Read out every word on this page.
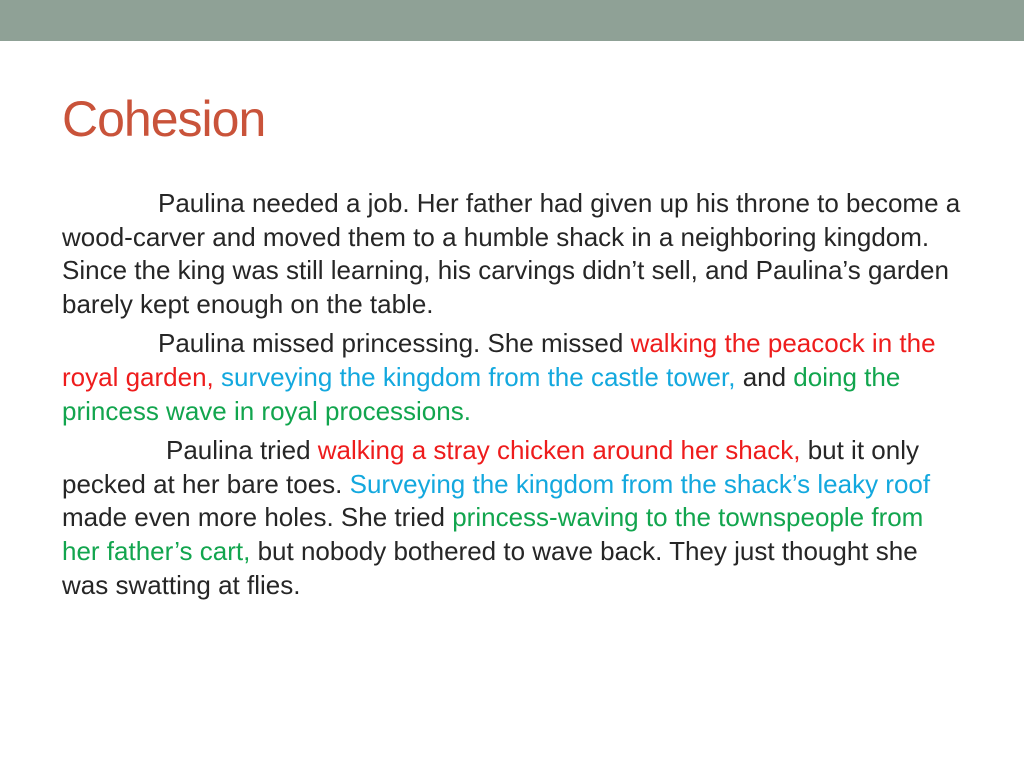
Cohesion

Paulina needed a job. Her father had given up his throne to become a wood-carver and moved them to a humble shack in a neighboring kingdom. Since the king was still learning, his carvings didn’t sell, and Paulina’s garden barely kept enough on the table.

Paulina missed princessing. She missed walking the peacock in the royal garden, surveying the kingdom from the castle tower, and doing the princess wave in royal processions.

Paulina tried walking a stray chicken around her shack, but it only pecked at her bare toes. Surveying the kingdom from the shack’s leaky roof made even more holes. She tried princess-waving to the townspeople from her father’s cart, but nobody bothered to wave back. They just thought she was swatting at flies.
